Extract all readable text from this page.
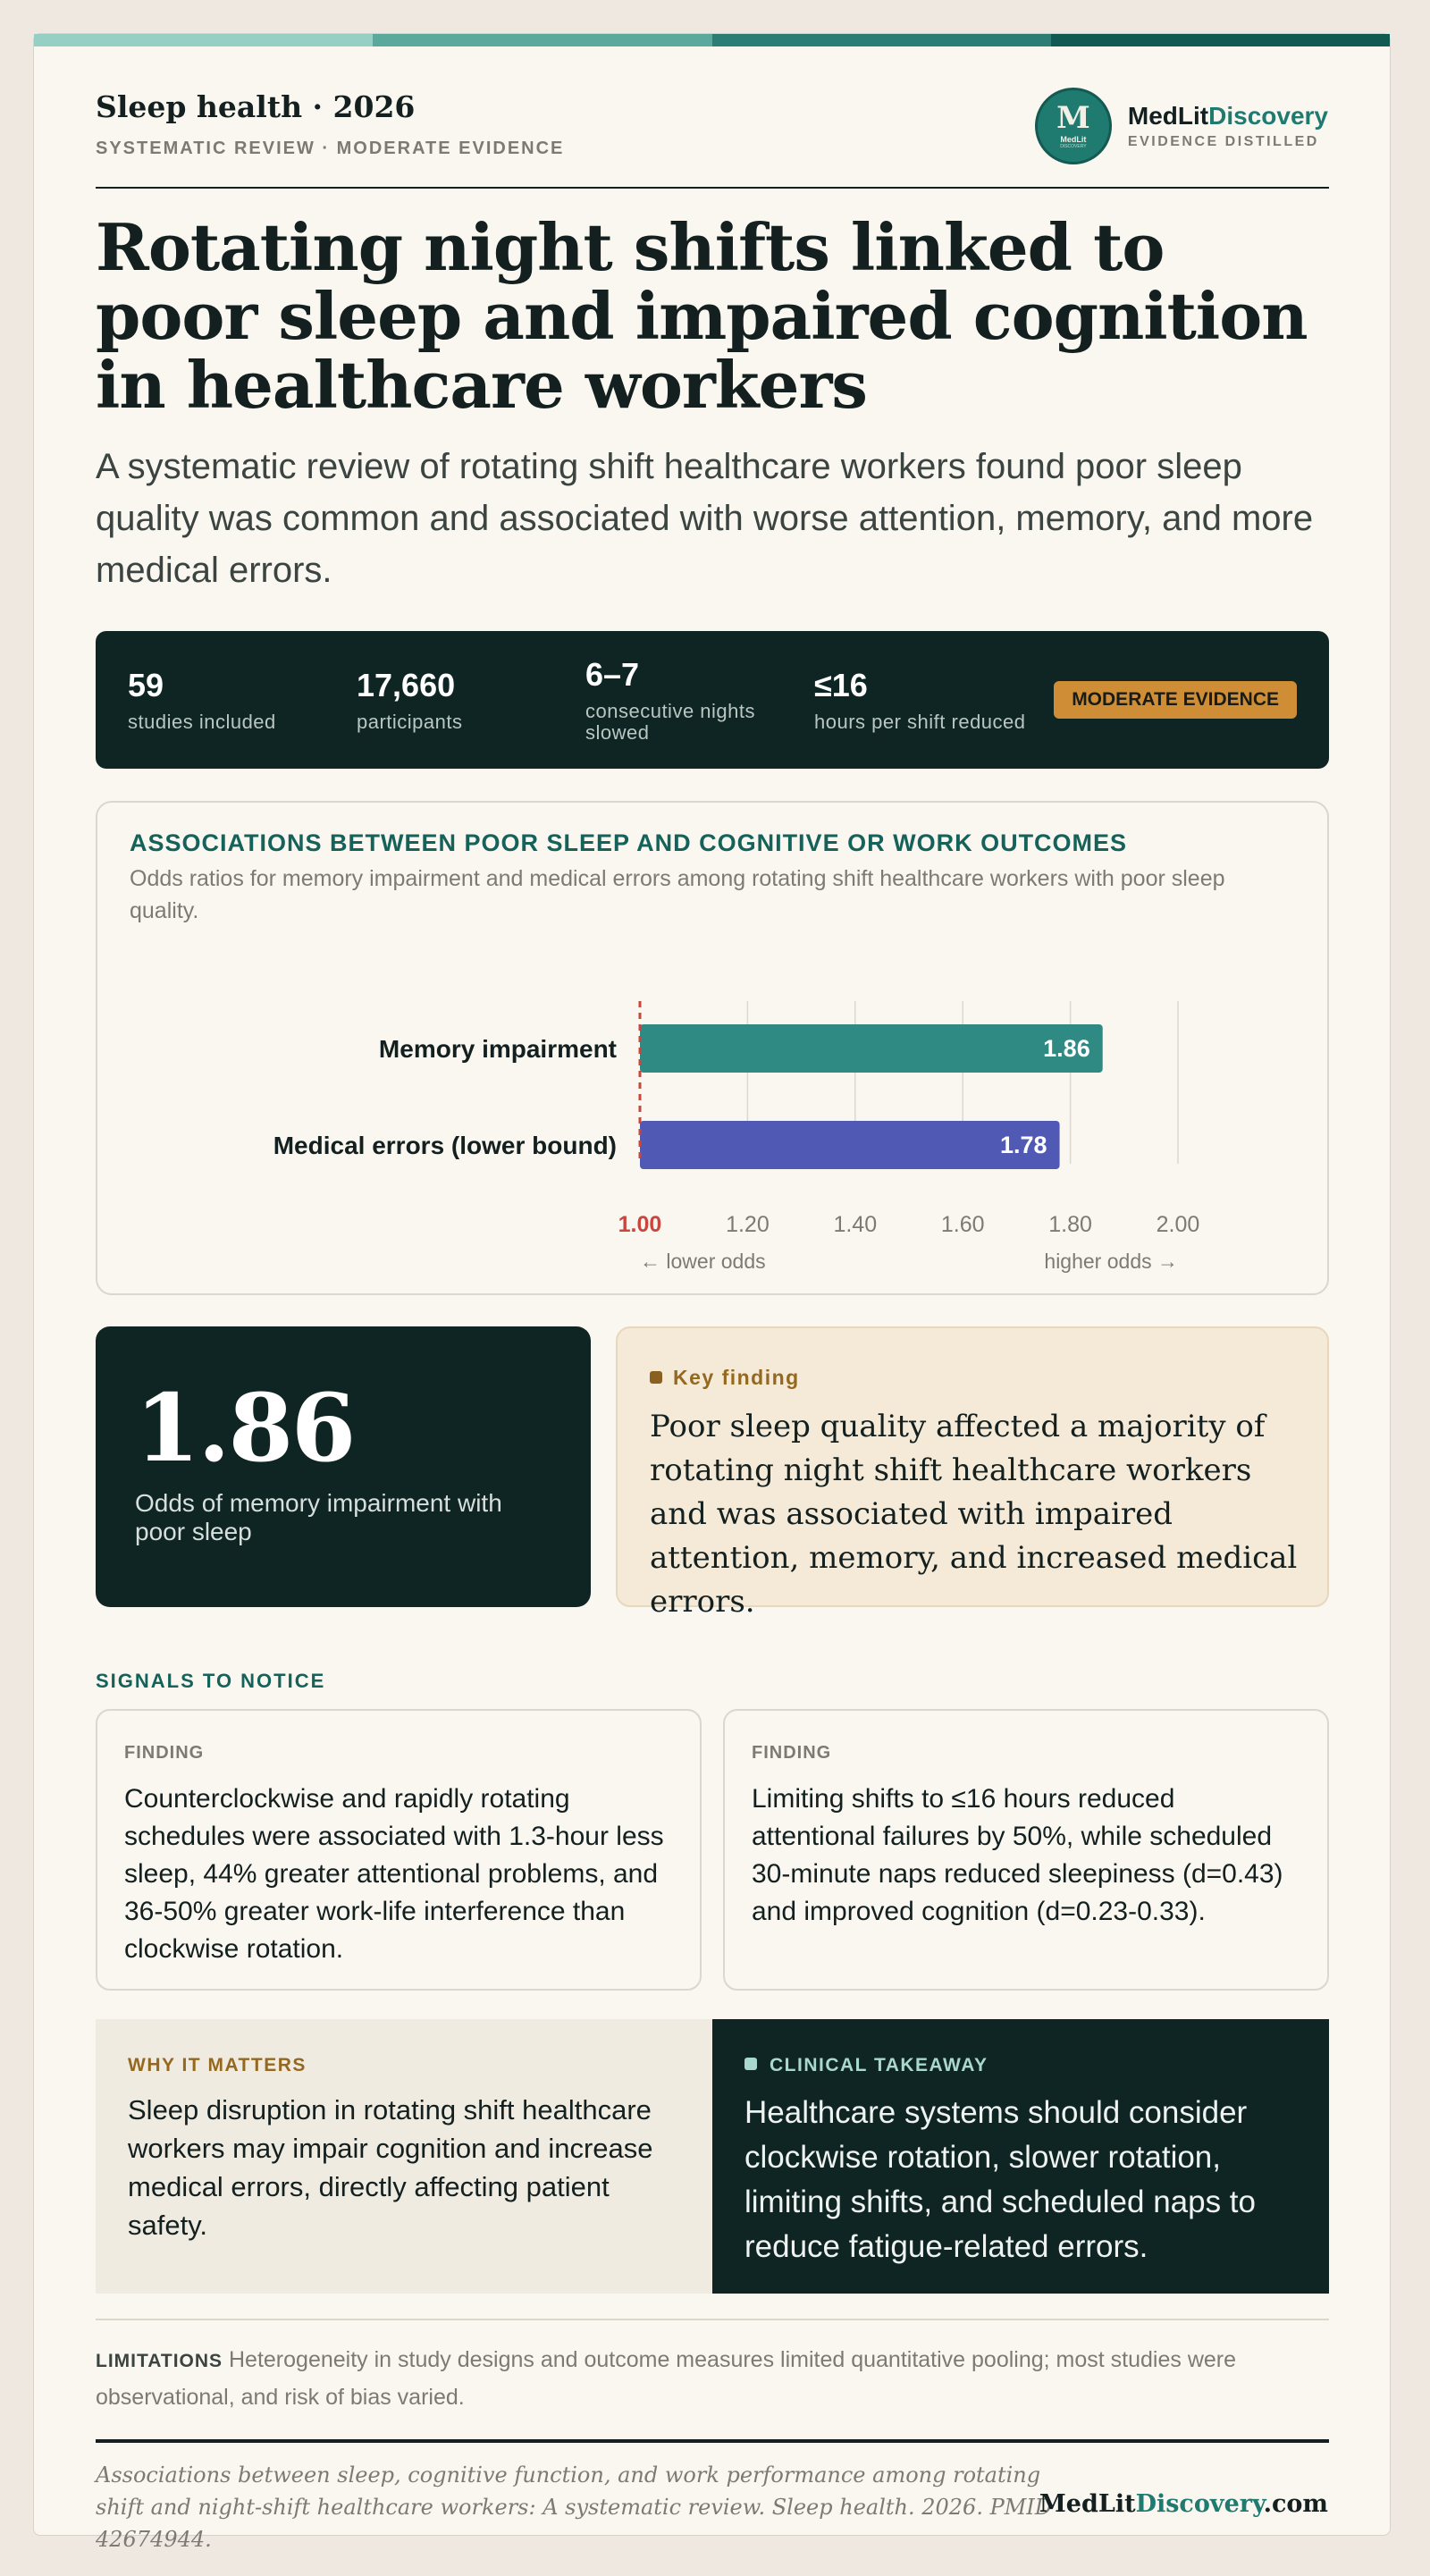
Sleep health · 2026
SYSTEMATIC REVIEW · MODERATE EVIDENCE
M
MedLit
DISCOVERY
MedLitDiscovery
EVIDENCE DISTILLED
Rotating night shifts linked to poor sleep and impaired cognition in healthcare workers

A systematic review of rotating shift healthcare workers found poor sleep quality was common and associated with worse attention, memory, and more medical errors.

59
studies included
17,660
participants
6–7
consecutive nights slowed
≤16
hours per shift reduced
MODERATE EVIDENCE
ASSOCIATIONS BETWEEN POOR SLEEP AND COGNITIVE OR WORK OUTCOMES
Odds ratios for memory impairment and medical errors among rotating shift healthcare workers with poor sleep quality.
1.86
Memory impairment
1.78
Medical errors (lower bound)
1.00	1.20	1.40	1.60	1.80	2.00
← lower odds	higher odds →
1.86
Odds of memory impairment with poor sleep
Key finding
Poor sleep quality affected a majority of rotating night shift healthcare workers and was associated with impaired attention, memory, and increased medical errors.
SIGNALS TO NOTICE
FINDING
Counterclockwise and rapidly rotating schedules were associated with 1.3-hour less sleep, 44% greater attentional problems, and 36-50% greater work-life interference than clockwise rotation.
FINDING
Limiting shifts to ≤16 hours reduced attentional failures by 50%, while scheduled 30-minute naps reduced sleepiness (d=0.43) and improved cognition (d=0.23-0.33).
WHY IT MATTERS
Sleep disruption in rotating shift healthcare workers may impair cognition and increase medical errors, directly affecting patient safety.
CLINICAL TAKEAWAY
Healthcare systems should consider clockwise rotation, slower rotation, limiting shifts, and scheduled naps to reduce fatigue-related errors.
LIMITATIONS Heterogeneity in study designs and outcome measures limited quantitative pooling; most studies were observational, and risk of bias varied.
Associations between sleep, cognitive function, and work performance among rotating shift and night-shift healthcare workers: A systematic review. Sleep health. 2026. PMID 42674944.
MedLitDiscovery.com
